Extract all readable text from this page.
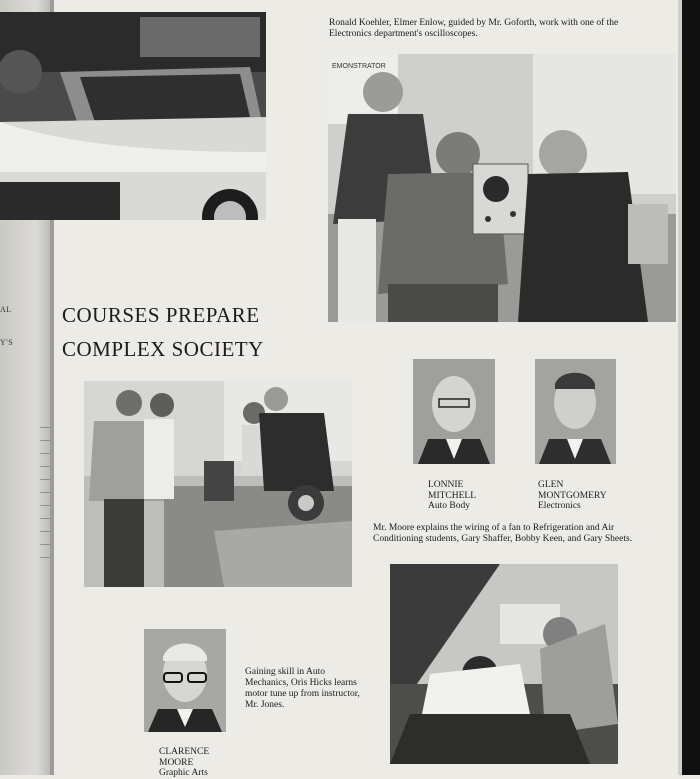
Ronald Koehler, Elmer Enlow, guided by Mr. Goforth, work with one of the Electronics department's oscilloscopes.
EMONSTRATOR
AL
Y'S
COURSES PREPARE
COMPLEX SOCIETY
LONNIE
MITCHELL
Auto Body
GLEN
MONTGOMERY
Electronics
Mr. Moore explains the wiring of a fan to Refrigeration and Air Conditioning students, Gary Shaffer, Bobby Keen, and Gary Sheets.
Gaining skill in Auto Mechanics, Oris Hicks learns motor tune up from instructor, Mr. Jones.
CLARENCE
MOORE
Graphic Arts
